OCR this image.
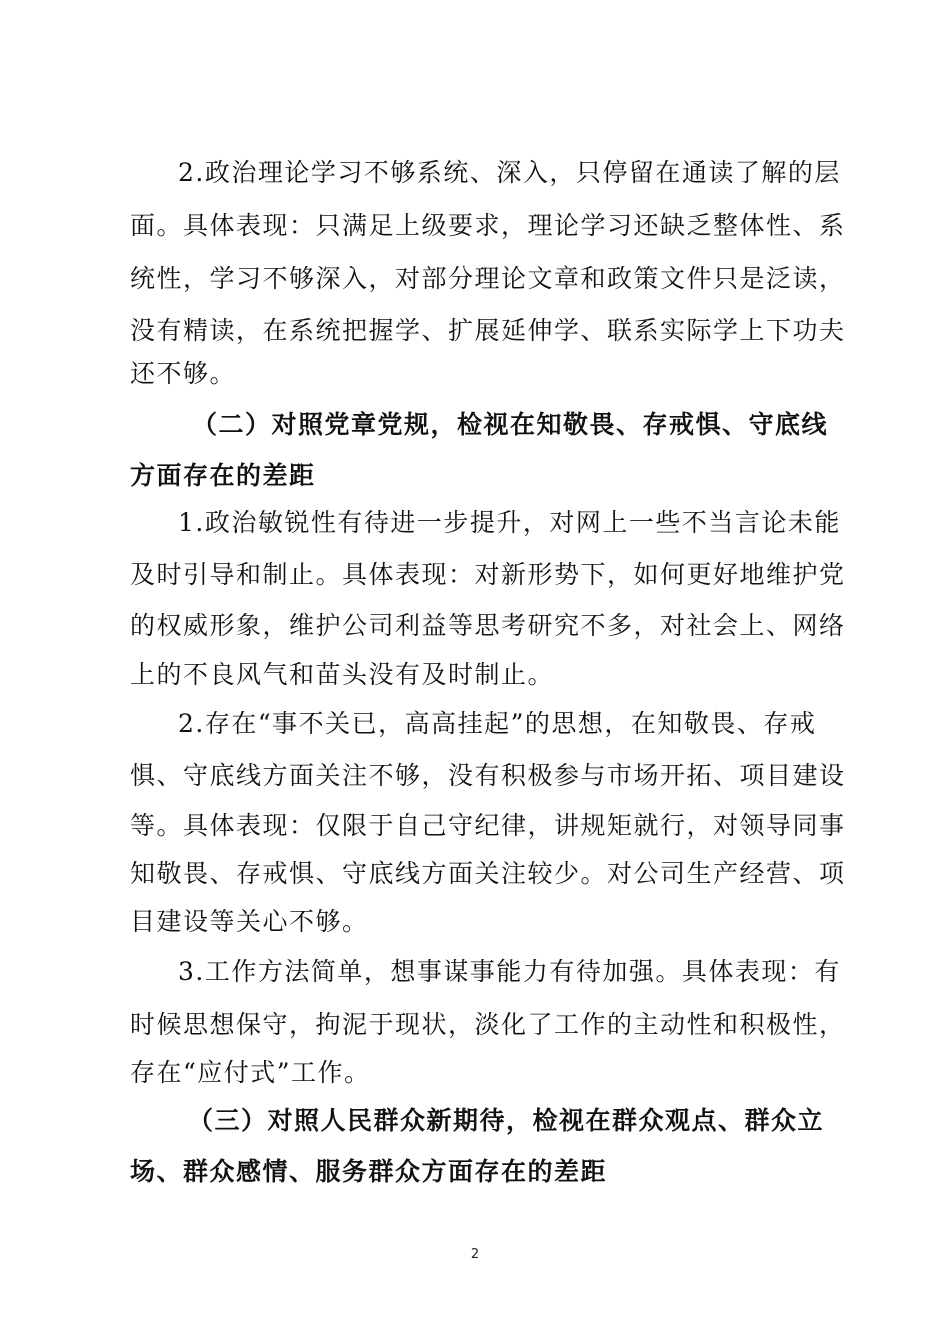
2.政治理论学习不够系统、深入，只停留在通读了解的层
面。具体表现：只满足上级要求，理论学习还缺乏整体性、系
统性，学习不够深入，对部分理论文章和政策文件只是泛读，
没有精读，在系统把握学、扩展延伸学、联系实际学上下功夫
还不够。
（二）对照党章党规，检视在知敬畏、存戒惧、守底线
方面存在的差距
1.政治敏锐性有待进一步提升，对网上一些不当言论未能
及时引导和制止。具体表现：对新形势下，如何更好地维护党
的权威形象，维护公司利益等思考研究不多，对社会上、网络
上的不良风气和苗头没有及时制止。
2.存在“事不关已，高高挂起”的思想，在知敬畏、存戒
惧、守底线方面关注不够，没有积极参与市场开拓、项目建设
等。具体表现：仅限于自己守纪律，讲规矩就行，对领导同事
知敬畏、存戒惧、守底线方面关注较少。对公司生产经营、项
目建设等关心不够。
3.工作方法简单，想事谋事能力有待加强。具体表现：有
时候思想保守，拘泥于现状，淡化了工作的主动性和积极性，
存在“应付式”工作。
（三）对照人民群众新期待，检视在群众观点、群众立
场、群众感情、服务群众方面存在的差距
2
